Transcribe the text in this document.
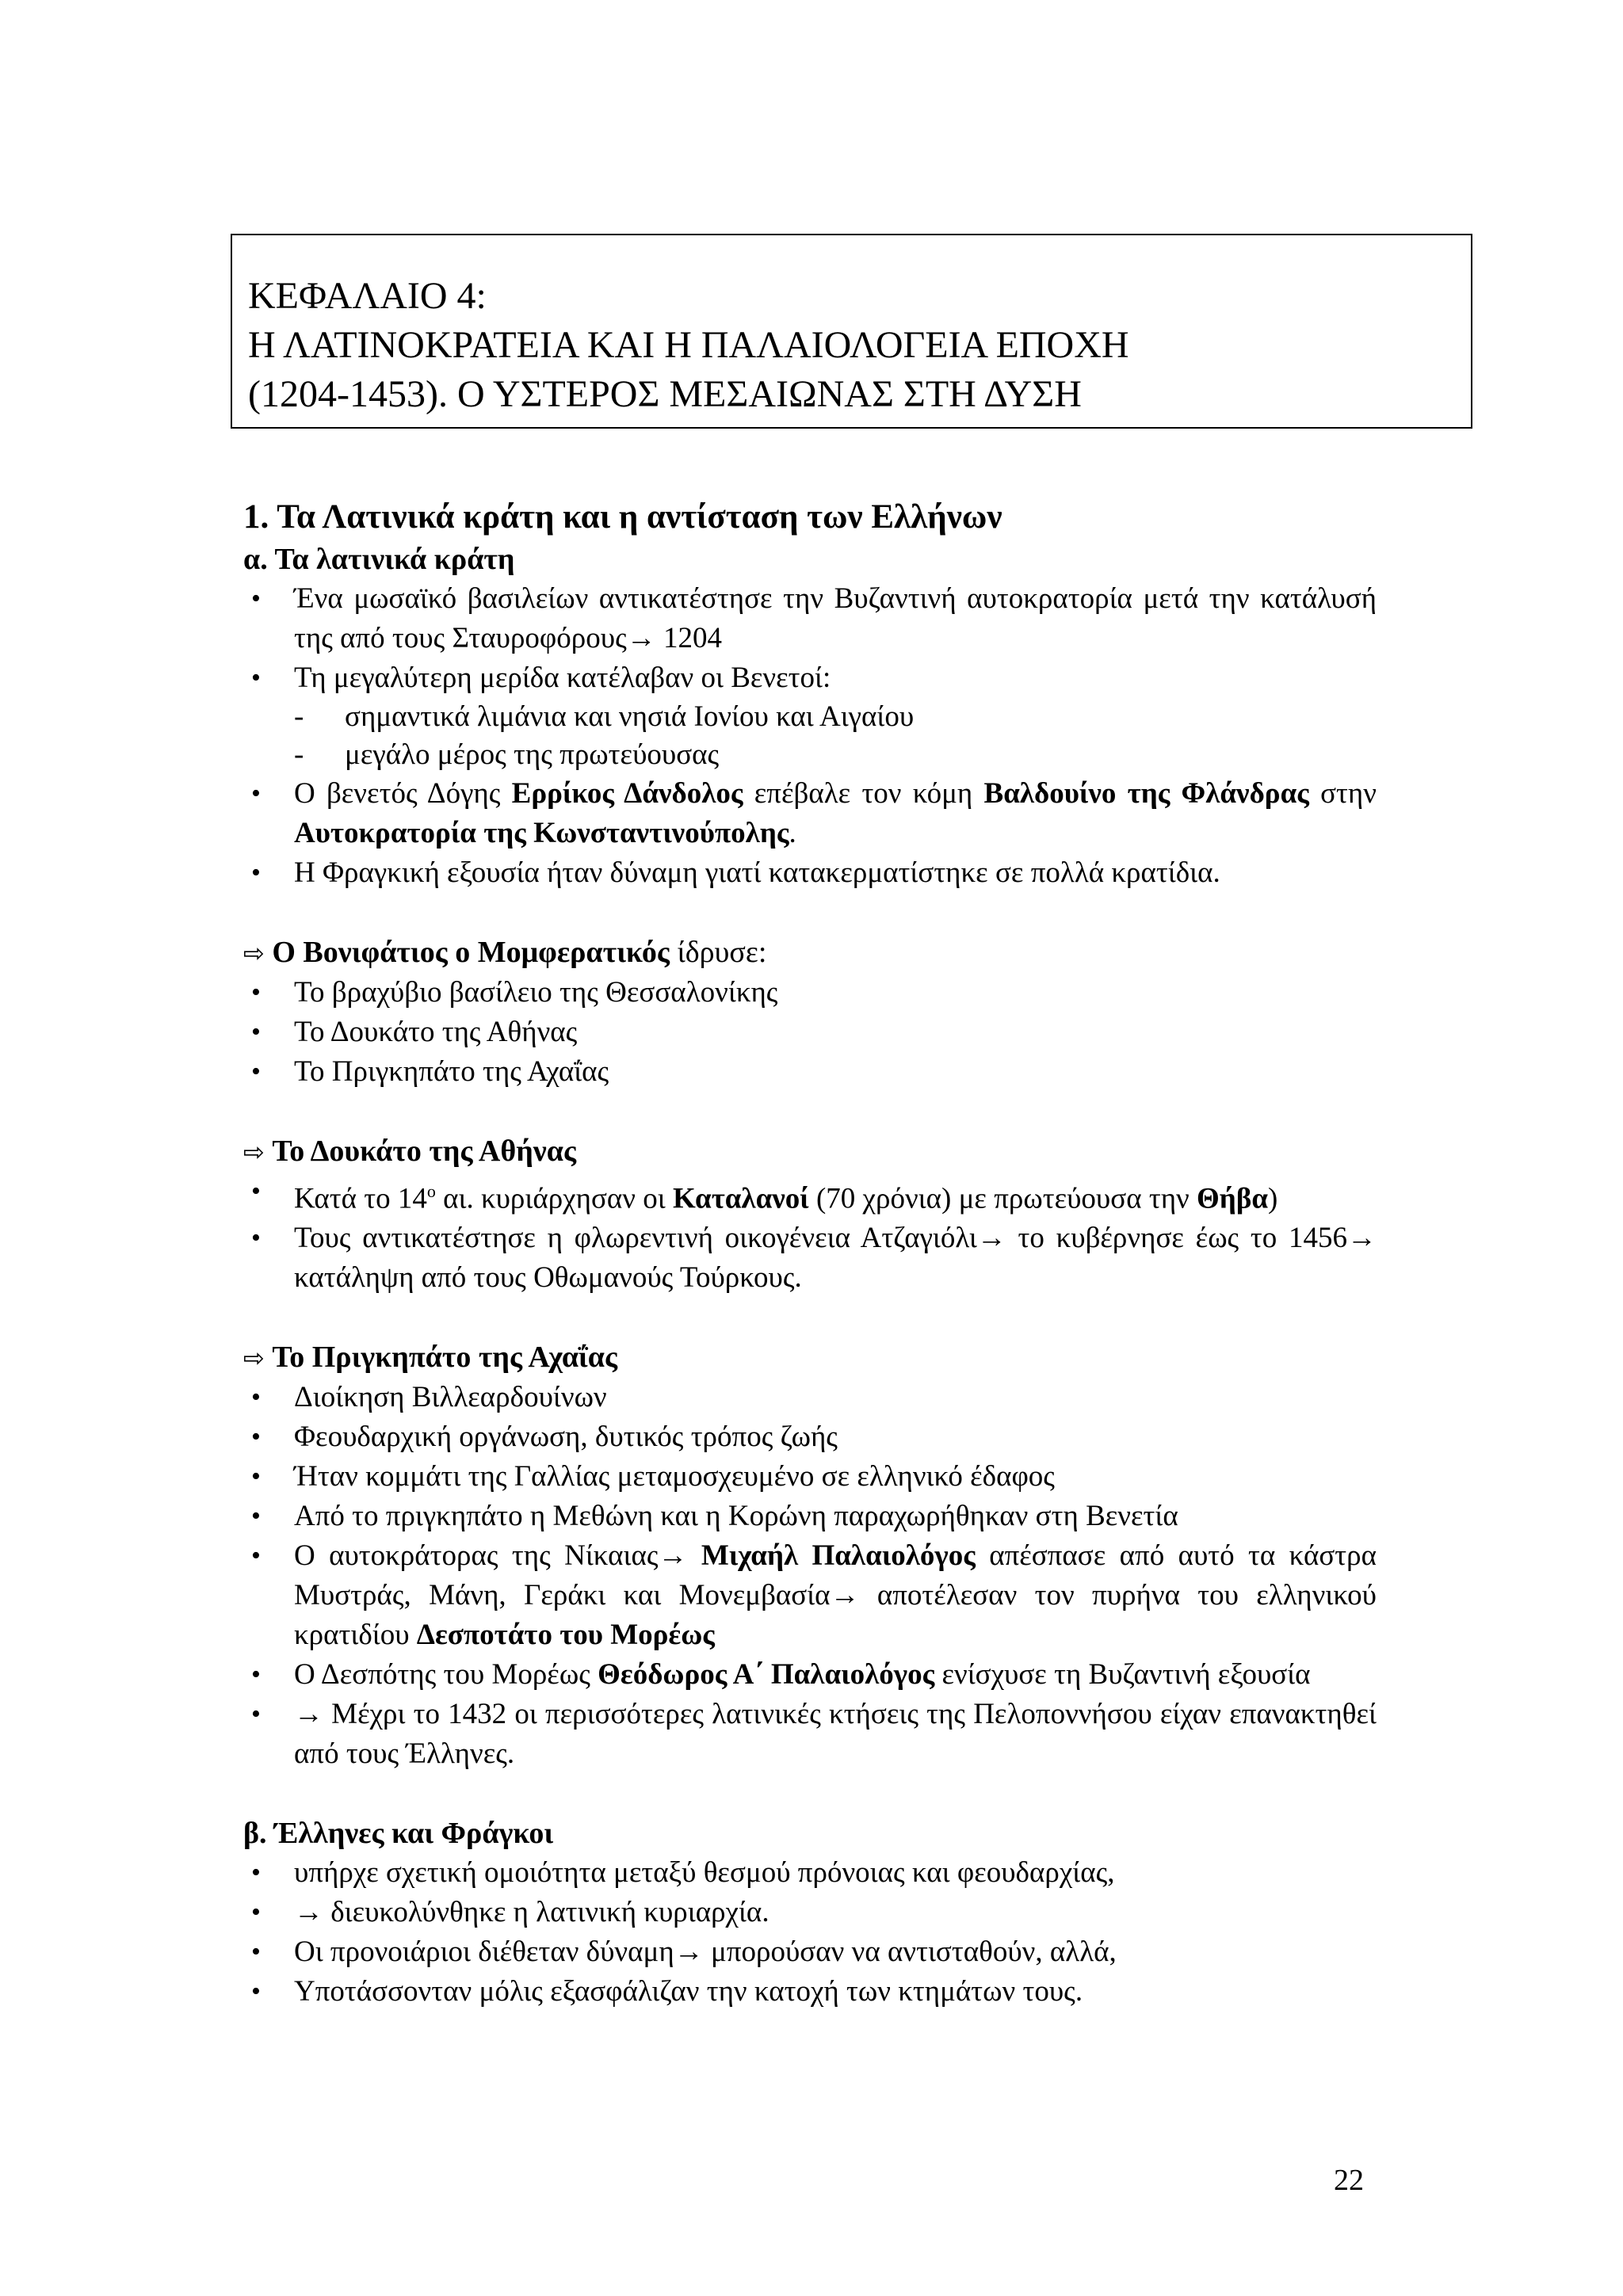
ΚΕΦΑΛΑΙΟ 4:
Η ΛΑΤΙΝΟΚΡΑΤΕΙΑ ΚΑΙ Η ΠΑΛΑΙΟΛΟΓΕΙΑ ΕΠΟΧΗ
(1204-1453). Ο ΥΣΤΕΡΟΣ ΜΕΣΑΙΩΝΑΣ ΣΤΗ ΔΥΣΗ

1. Τα Λατινικά κράτη και η αντίσταση των Ελλήνων

α. Τα λατινικά κράτη

• Ένα μωσαϊκό βασιλείων αντικατέστησε την Βυζαντινή αυτοκρατορία μετά την κατάλυσή της από τους Σταυροφόρους→ 1204
• Τη μεγαλύτερη μερίδα κατέλαβαν οι Βενετοί:
- σημαντικά λιμάνια και νησιά Ιονίου και Αιγαίου
- μεγάλο μέρος της πρωτεύουσας
• Ο βενετός Δόγης Ερρίκος Δάνδολος επέβαλε τον κόμη Βαλδουίνο της Φλάνδρας στην Αυτοκρατορία της Κωνσταντινούπολης.
• Η Φραγκική εξουσία ήταν δύναμη γιατί κατακερματίστηκε σε πολλά κρατίδια.

⇨ Ο Βονιφάτιος ο Μομφερατικός ίδρυσε:

• Το βραχύβιο βασίλειο της Θεσσαλονίκης
• Το Δουκάτο της Αθήνας
• Το Πριγκηπάτο της Αχαΐας

⇨ Το Δουκάτο της Αθήνας

• Κατά το $14^o$ αι. κυριάρχησαν οι Καταλανοί (70 χρόνια) με πρωτεύουσα την Θήβα)
• Τους αντικατέστησε η φλωρεντινή οικογένεια Ατζαγιόλι→ το κυβέρνησε έως το 1456→ κατάληψη από τους Οθωμανούς Τούρκους.

⇨ Το Πριγκηπάτο της Αχαΐας

• Διοίκηση Βιλλεαρδουίνων
• Φεουδαρχική οργάνωση, δυτικός τρόπος ζωής
• Ήταν κομμάτι της Γαλλίας μεταμοσχευμένο σε ελληνικό έδαφος
• Από το πριγκηπάτο η Μεθώνη και η Κορώνη παραχωρήθηκαν στη Βενετία
• Ο αυτοκράτορας της Νίκαιας→ Μιχαήλ Παλαιολόγος απέσπασε από αυτό τα κάστρα Μυστράς, Μάνη, Γεράκι και Μονεμβασία→ αποτέλεσαν τον πυρήνα του ελληνικού κρατιδίου Δεσποτάτο του Μορέως
• Ο Δεσπότης του Μορέως Θεόδωρος Α΄ Παλαιολόγος ενίσχυσε τη Βυζαντινή εξουσία
• → Μέχρι το 1432 οι περισσότερες λατινικές κτήσεις της Πελοποννήσου είχαν επανακτηθεί από τους Έλληνες.

β. Έλληνες και Φράγκοι

• υπήρχε σχετική ομοιότητα μεταξύ θεσμού πρόνοιας και φεουδαρχίας,
• → διευκολύνθηκε η λατινική κυριαρχία.
• Οι προνοιάριοι διέθεταν δύναμη→ μπορούσαν να αντισταθούν, αλλά,
• Υποτάσσονταν μόλις εξασφάλιζαν την κατοχή των κτημάτων τους.
22
